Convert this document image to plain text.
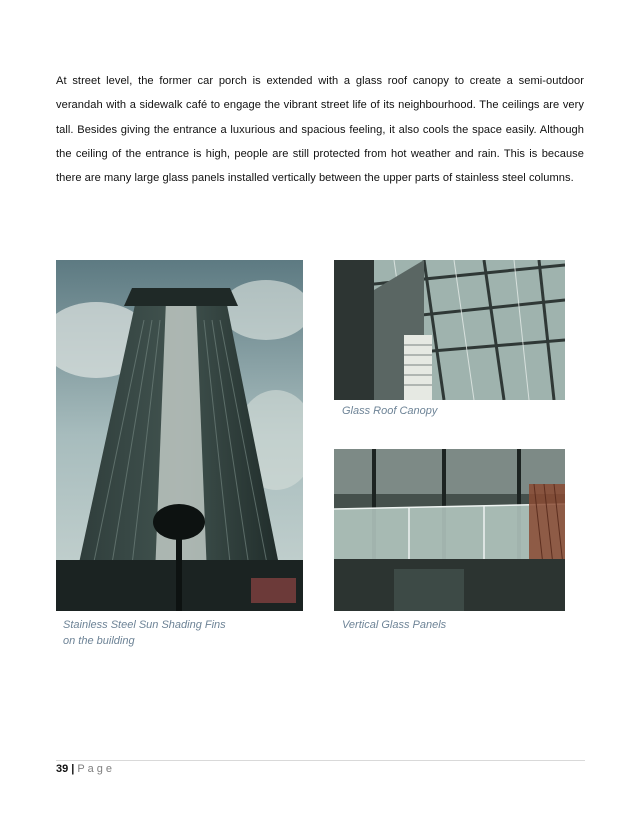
At street level, the former car porch is extended with a glass roof canopy to create a semi-outdoor verandah with a sidewalk café to engage the vibrant street life of its neighbourhood. The ceilings are very tall. Besides giving the entrance a luxurious and spacious feeling, it also cools the space easily. Although the ceiling of the entrance is high, people are still protected from hot weather and rain. This is because there are many large glass panels installed vertically between the upper parts of stainless steel columns.
Stainless Steel Sun Shading Fins
on the building
Glass Roof Canopy
Vertical Glass Panels
39 | Page
